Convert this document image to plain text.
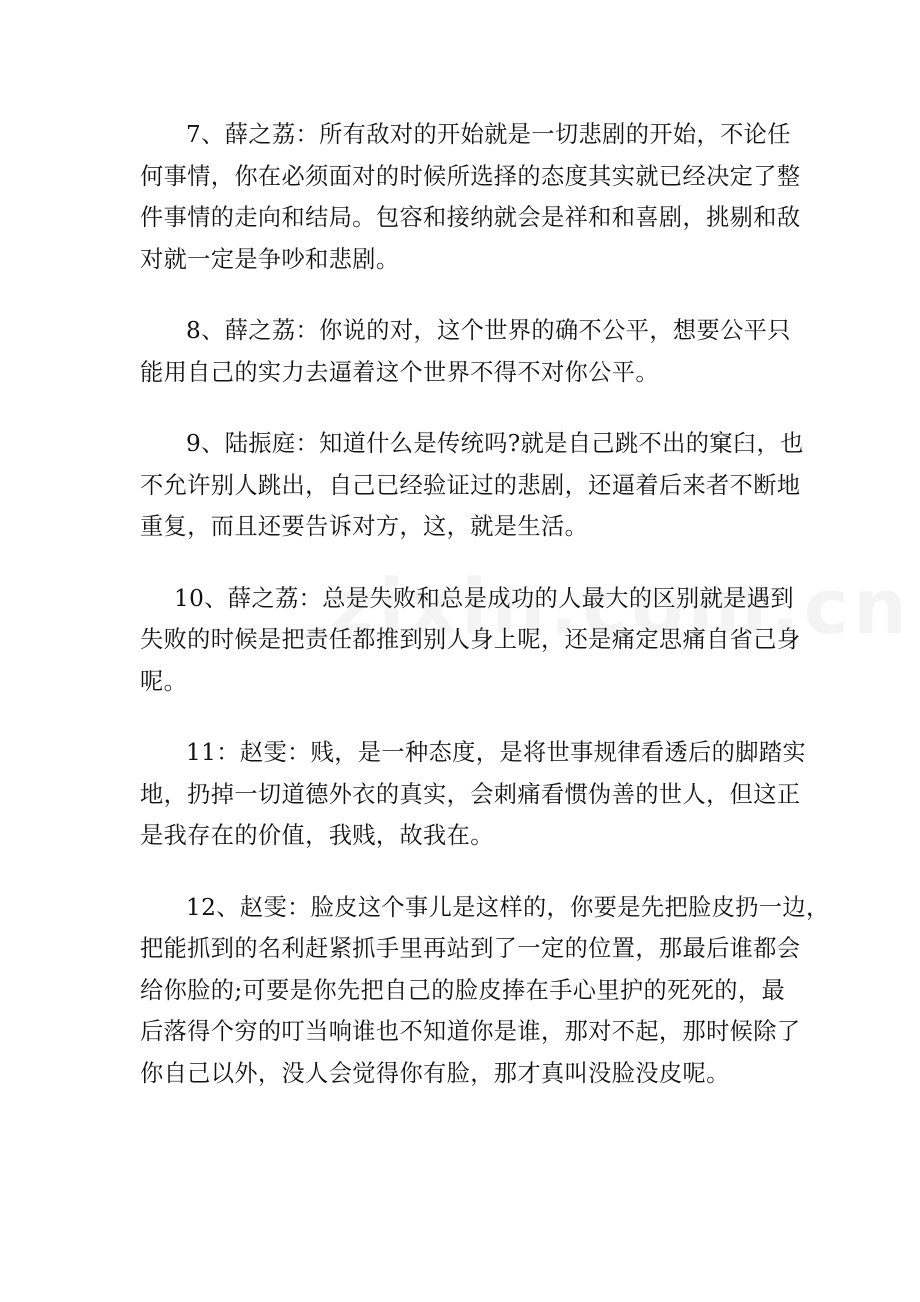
7、薛之荔：所有敌对的开始就是一切悲剧的开始，不论任
何事情，你在必须面对的时候所选择的态度其实就已经决定了整
件事情的走向和结局。包容和接纳就会是祥和和喜剧，挑剔和敌
对就一定是争吵和悲剧。

8、薛之荔：你说的对，这个世界的确不公平，想要公平只
能用自己的实力去逼着这个世界不得不对你公平。

9、陆振庭：知道什么是传统吗?就是自己跳不出的窠臼，也
不允许别人跳出，自己已经验证过的悲剧，还逼着后来者不断地
重复，而且还要告诉对方，这，就是生活。

10、薛之荔：总是失败和总是成功的人最大的区别就是遇到
失败的时候是把责任都推到别人身上呢，还是痛定思痛自省己身
呢。

11：赵雯：贱，是一种态度，是将世事规律看透后的脚踏实
地，扔掉一切道德外衣的真实，会刺痛看惯伪善的世人，但这正
是我存在的价值，我贱，故我在。

12、赵雯：脸皮这个事儿是这样的，你要是先把脸皮扔一边，
把能抓到的名利赶紧抓手里再站到了一定的位置，那最后谁都会
给你脸的;可要是你先把自己的脸皮捧在手心里护的死死的，最
后落得个穷的叮当响谁也不知道你是谁，那对不起，那时候除了
你自己以外，没人会觉得你有脸，那才真叫没脸没皮呢。
